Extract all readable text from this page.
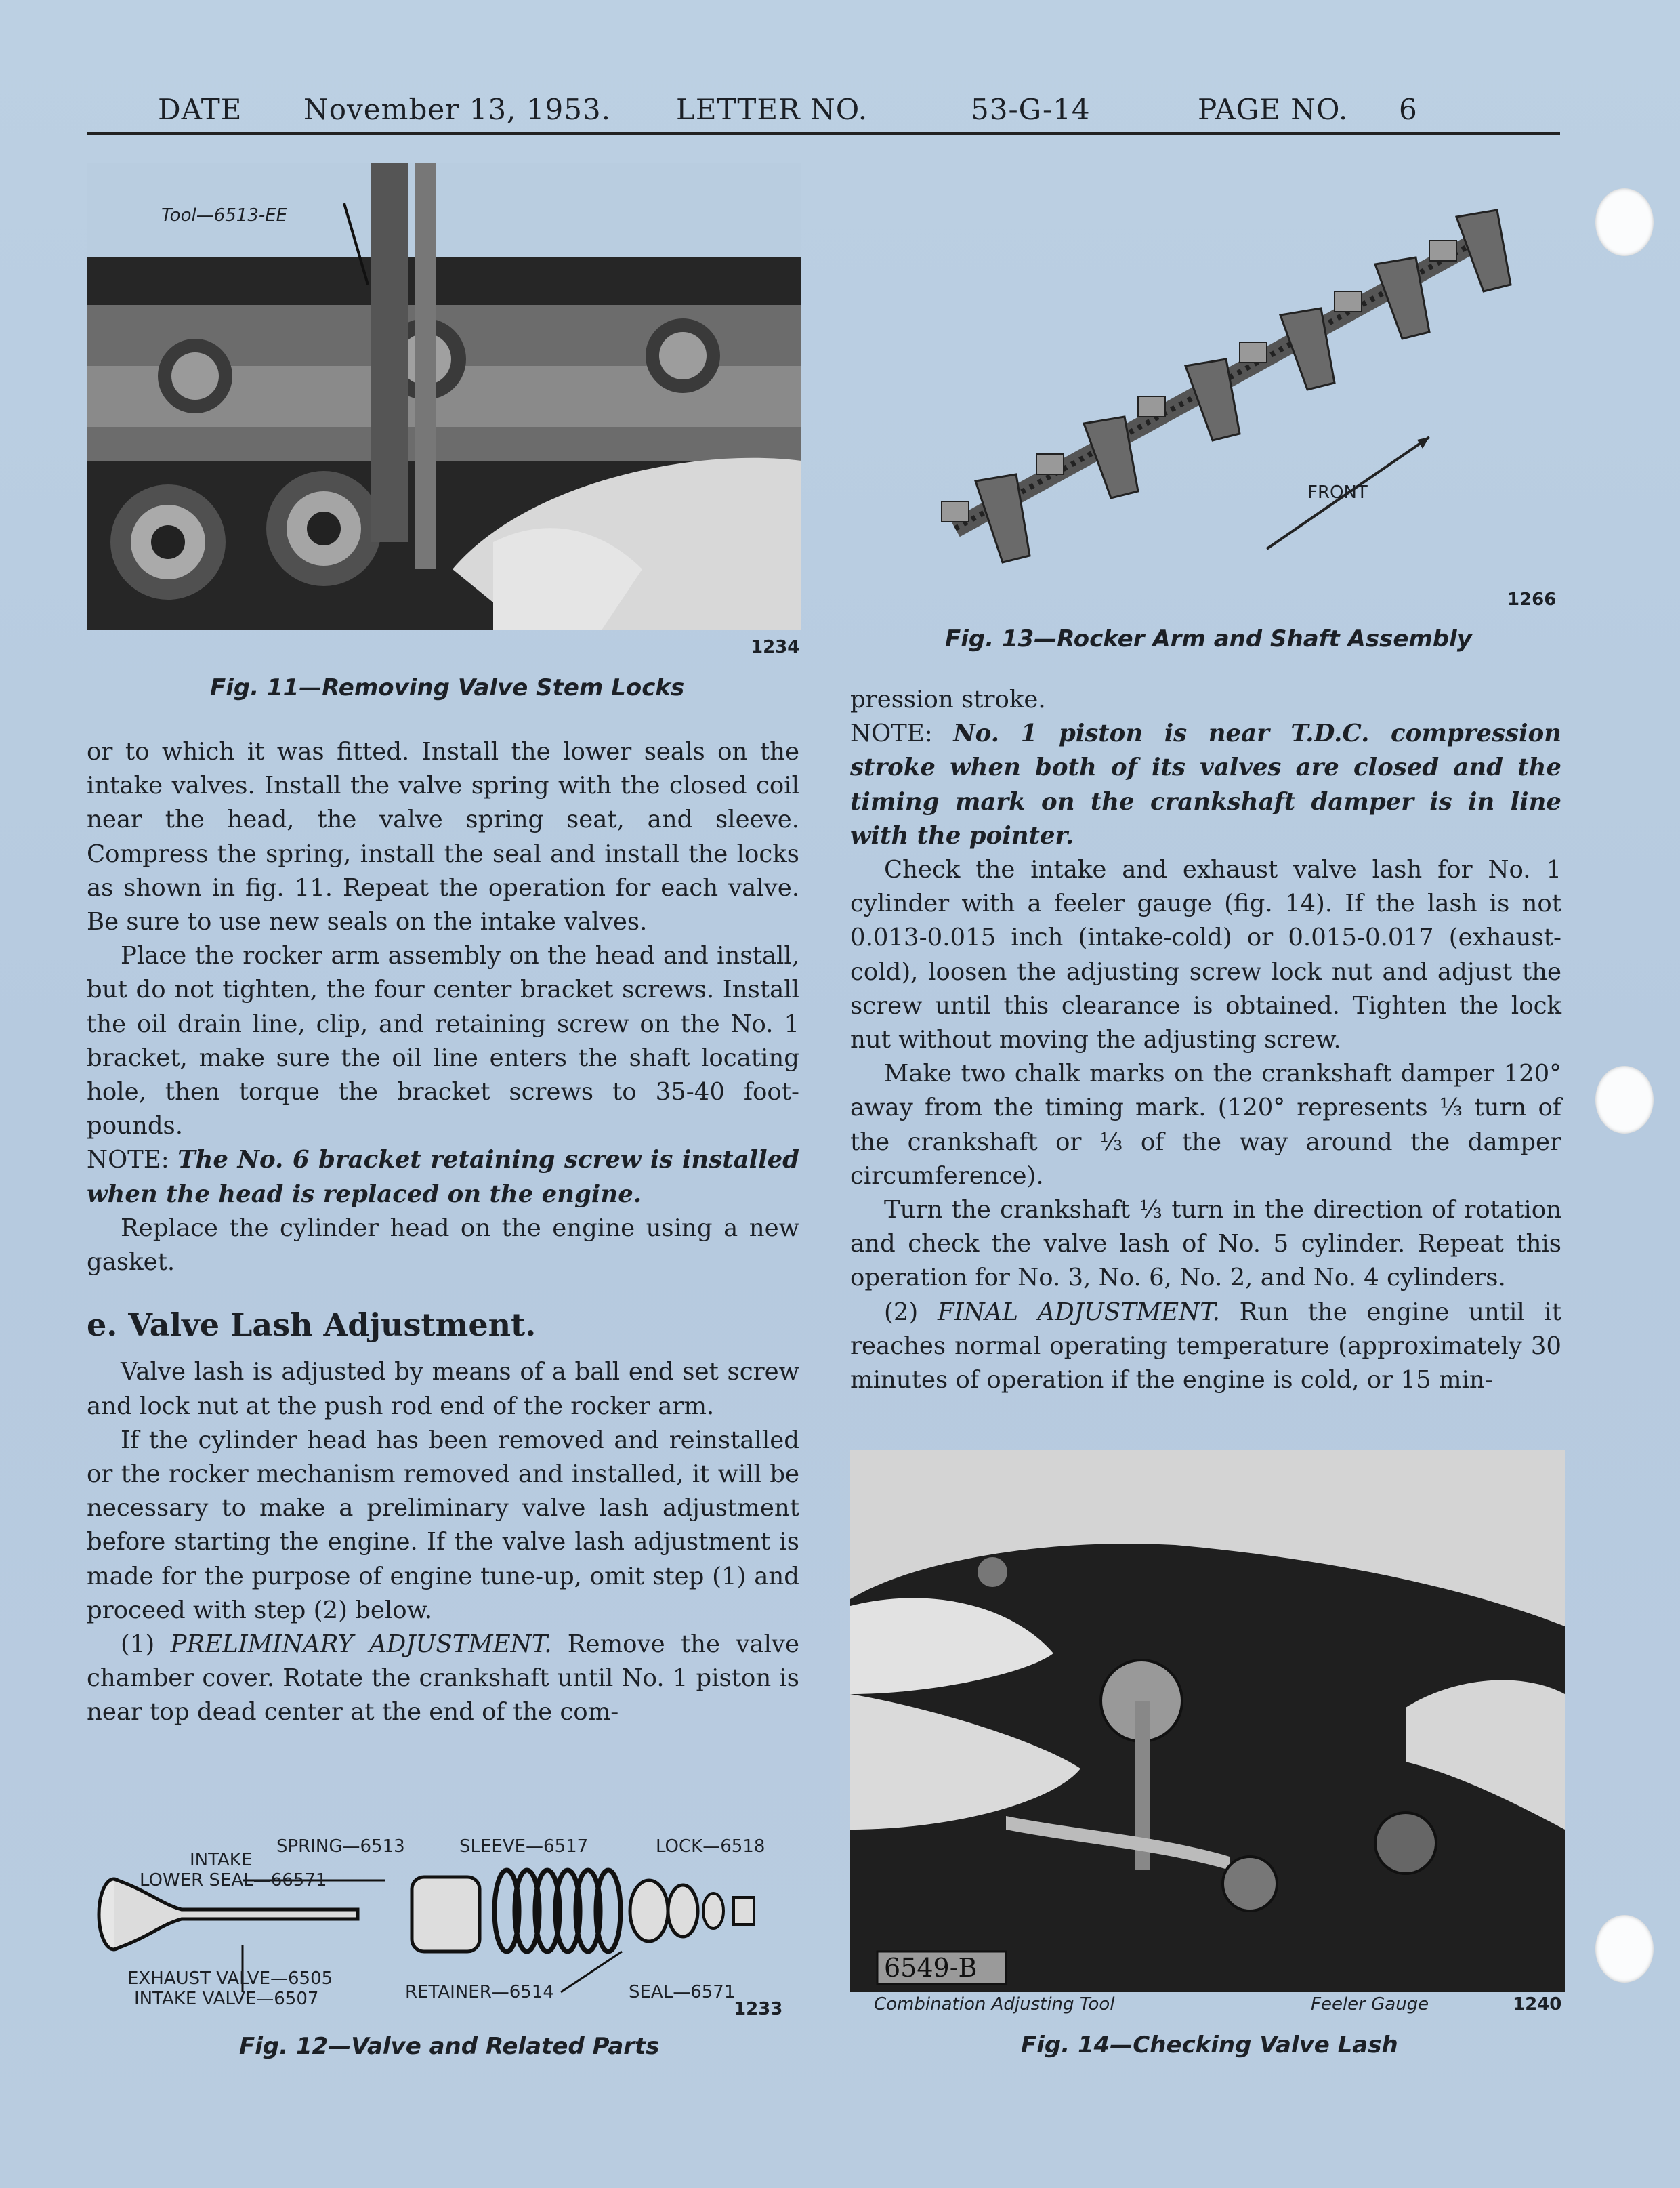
DATE November 13, 1953. LETTER NO.	53-G-14	PAGE NO. 6
Tool—6513-EE
1234
Fig. 11—Removing Valve Stem Locks
FRONT
1266
Fig. 13—Rocker Arm and Shaft Assembly

or to which it was fitted. Install the lower seals on the intake valves. Install the valve spring with the closed coil near the head, the valve spring seat, and sleeve. Compress the spring, install the seal and install the locks as shown in fig. 11. Repeat the operation for each valve. Be sure to use new seals on the intake valves.

Place the rocker arm assembly on the head and install, but do not tighten, the four center bracket screws. Install the oil drain line, clip, and retaining screw on the No. 1 bracket, make sure the oil line enters the shaft locating hole, then torque the bracket screws to 35-40 foot-pounds.

NOTE: The No. 6 bracket retaining screw is installed when the head is replaced on the engine.

Replace the cylinder head on the engine using a new gasket.

e. Valve Lash Adjustment.

Valve lash is adjusted by means of a ball end set screw and lock nut at the push rod end of the rocker arm.

If the cylinder head has been removed and reinstalled or the rocker mechanism removed and installed, it will be necessary to make a preliminary valve lash adjustment before starting the engine. If the valve lash adjustment is made for the purpose of engine tune-up, omit step (1) and proceed with step (2) below.

(1) PRELIMINARY ADJUSTMENT. Remove the valve chamber cover. Rotate the crankshaft until No. 1 piston is near top dead center at the end of the com-

pression stroke.

NOTE: No. 1 piston is near T.D.C. compression stroke when both of its valves are closed and the timing mark on the crankshaft damper is in line with the pointer.

Check the intake and exhaust valve lash for No. 1 cylinder with a feeler gauge (fig. 14). If the lash is not 0.013-0.015 inch (intake-cold) or 0.015-0.017 (exhaust-cold), loosen the adjusting screw lock nut and adjust the screw until this clearance is obtained. Tighten the lock nut without moving the adjusting screw.

Make two chalk marks on the crankshaft damper 120° away from the timing mark. (120° represents ⅓ turn of the crankshaft or ⅓ of the way around the damper circumference).

Turn the crankshaft ⅓ turn in the direction of rotation and check the valve lash of No. 5 cylinder. Repeat this operation for No. 3, No. 6, No. 2, and No. 4 cylinders.

(2) FINAL ADJUSTMENT. Run the engine until it reaches normal operating temperature (approximately 30 minutes of operation if the engine is cold, or 15 min-

INTAKE
SPRING—6513	SLEEVE—6517	LOCK—6518
LOWER SEAL—66571
EXHAUST VALVE—6505
INTAKE VALVE—6507	RETAINER—6514	SEAL—6571
1233
Fig. 12—Valve and Related Parts
6549-B
Combination Adjusting Tool	Feeler Gauge	1240
Fig. 14—Checking Valve Lash
